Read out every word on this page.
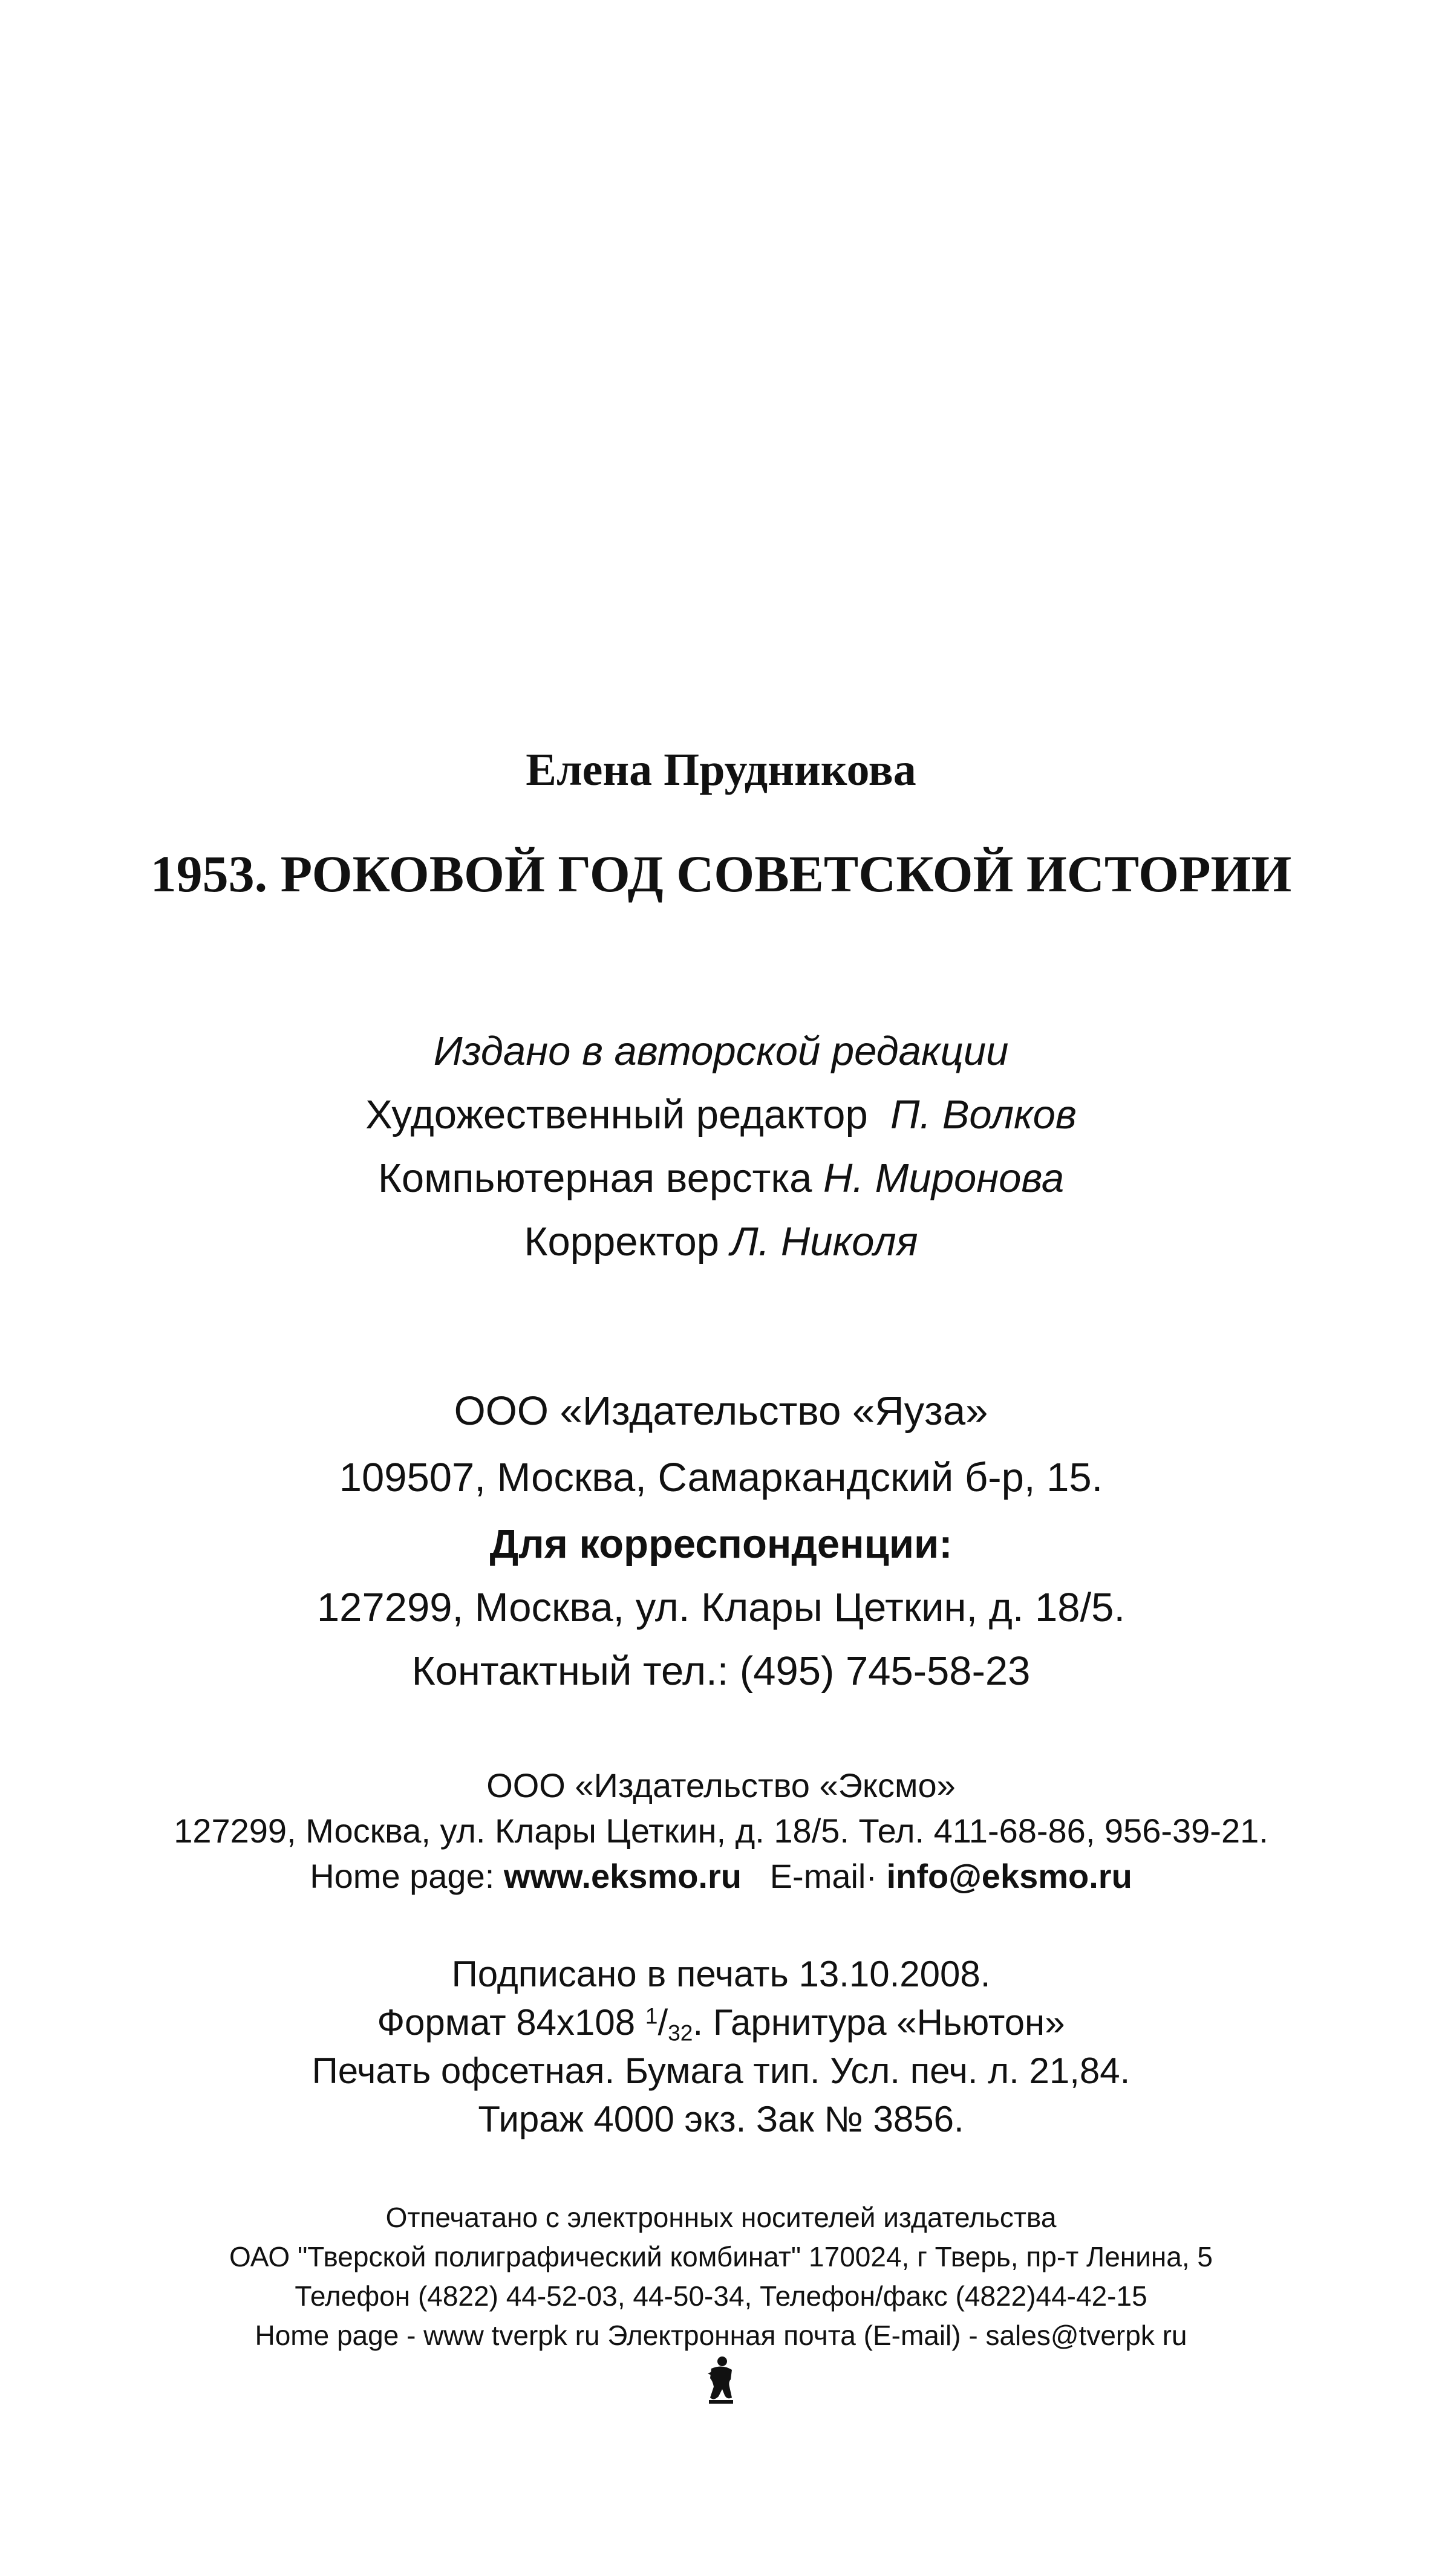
Елена Прудникова
1953. РОКОВОЙ ГОД СОВЕТСКОЙ ИСТОРИИ
Издано в авторской редакции
Художественный редактор П. Волков
Компьютерная верстка Н. Миронова
Корректор Л. Николя
ООО «Издательство «Яуза»
109507, Москва, Самаркандский б-р, 15.
Для корреспонденции:
127299, Москва, ул. Клары Цеткин, д. 18/5.
Контактный тел.: (495) 745-58-23
ООО «Издательство «Эксмо»
127299, Москва, ул. Клары Цеткин, д. 18/5. Тел. 411-68-86, 956-39-21.
Home page: www.eksmo.ru E-mail· info@eksmo.ru
Подписано в печать 13.10.2008.
Формат 84x108 $^1/_{32}$. Гарнитура «Ньютон»
Печать офсетная. Бумага тип. Усл. печ. л. 21,84.
Тираж 4000 экз. Зак № 3856.
Отпечатано с электронных носителей издательства
ОАО "Тверской полиграфический комбинат" 170024, г Тверь, пр-т Ленина, 5
Телефон (4822) 44-52-03, 44-50-34, Телефон/факс (4822)44-42-15
Home page - www tverpk ru Электронная почта (E-mail) - sales@tverpk ru
